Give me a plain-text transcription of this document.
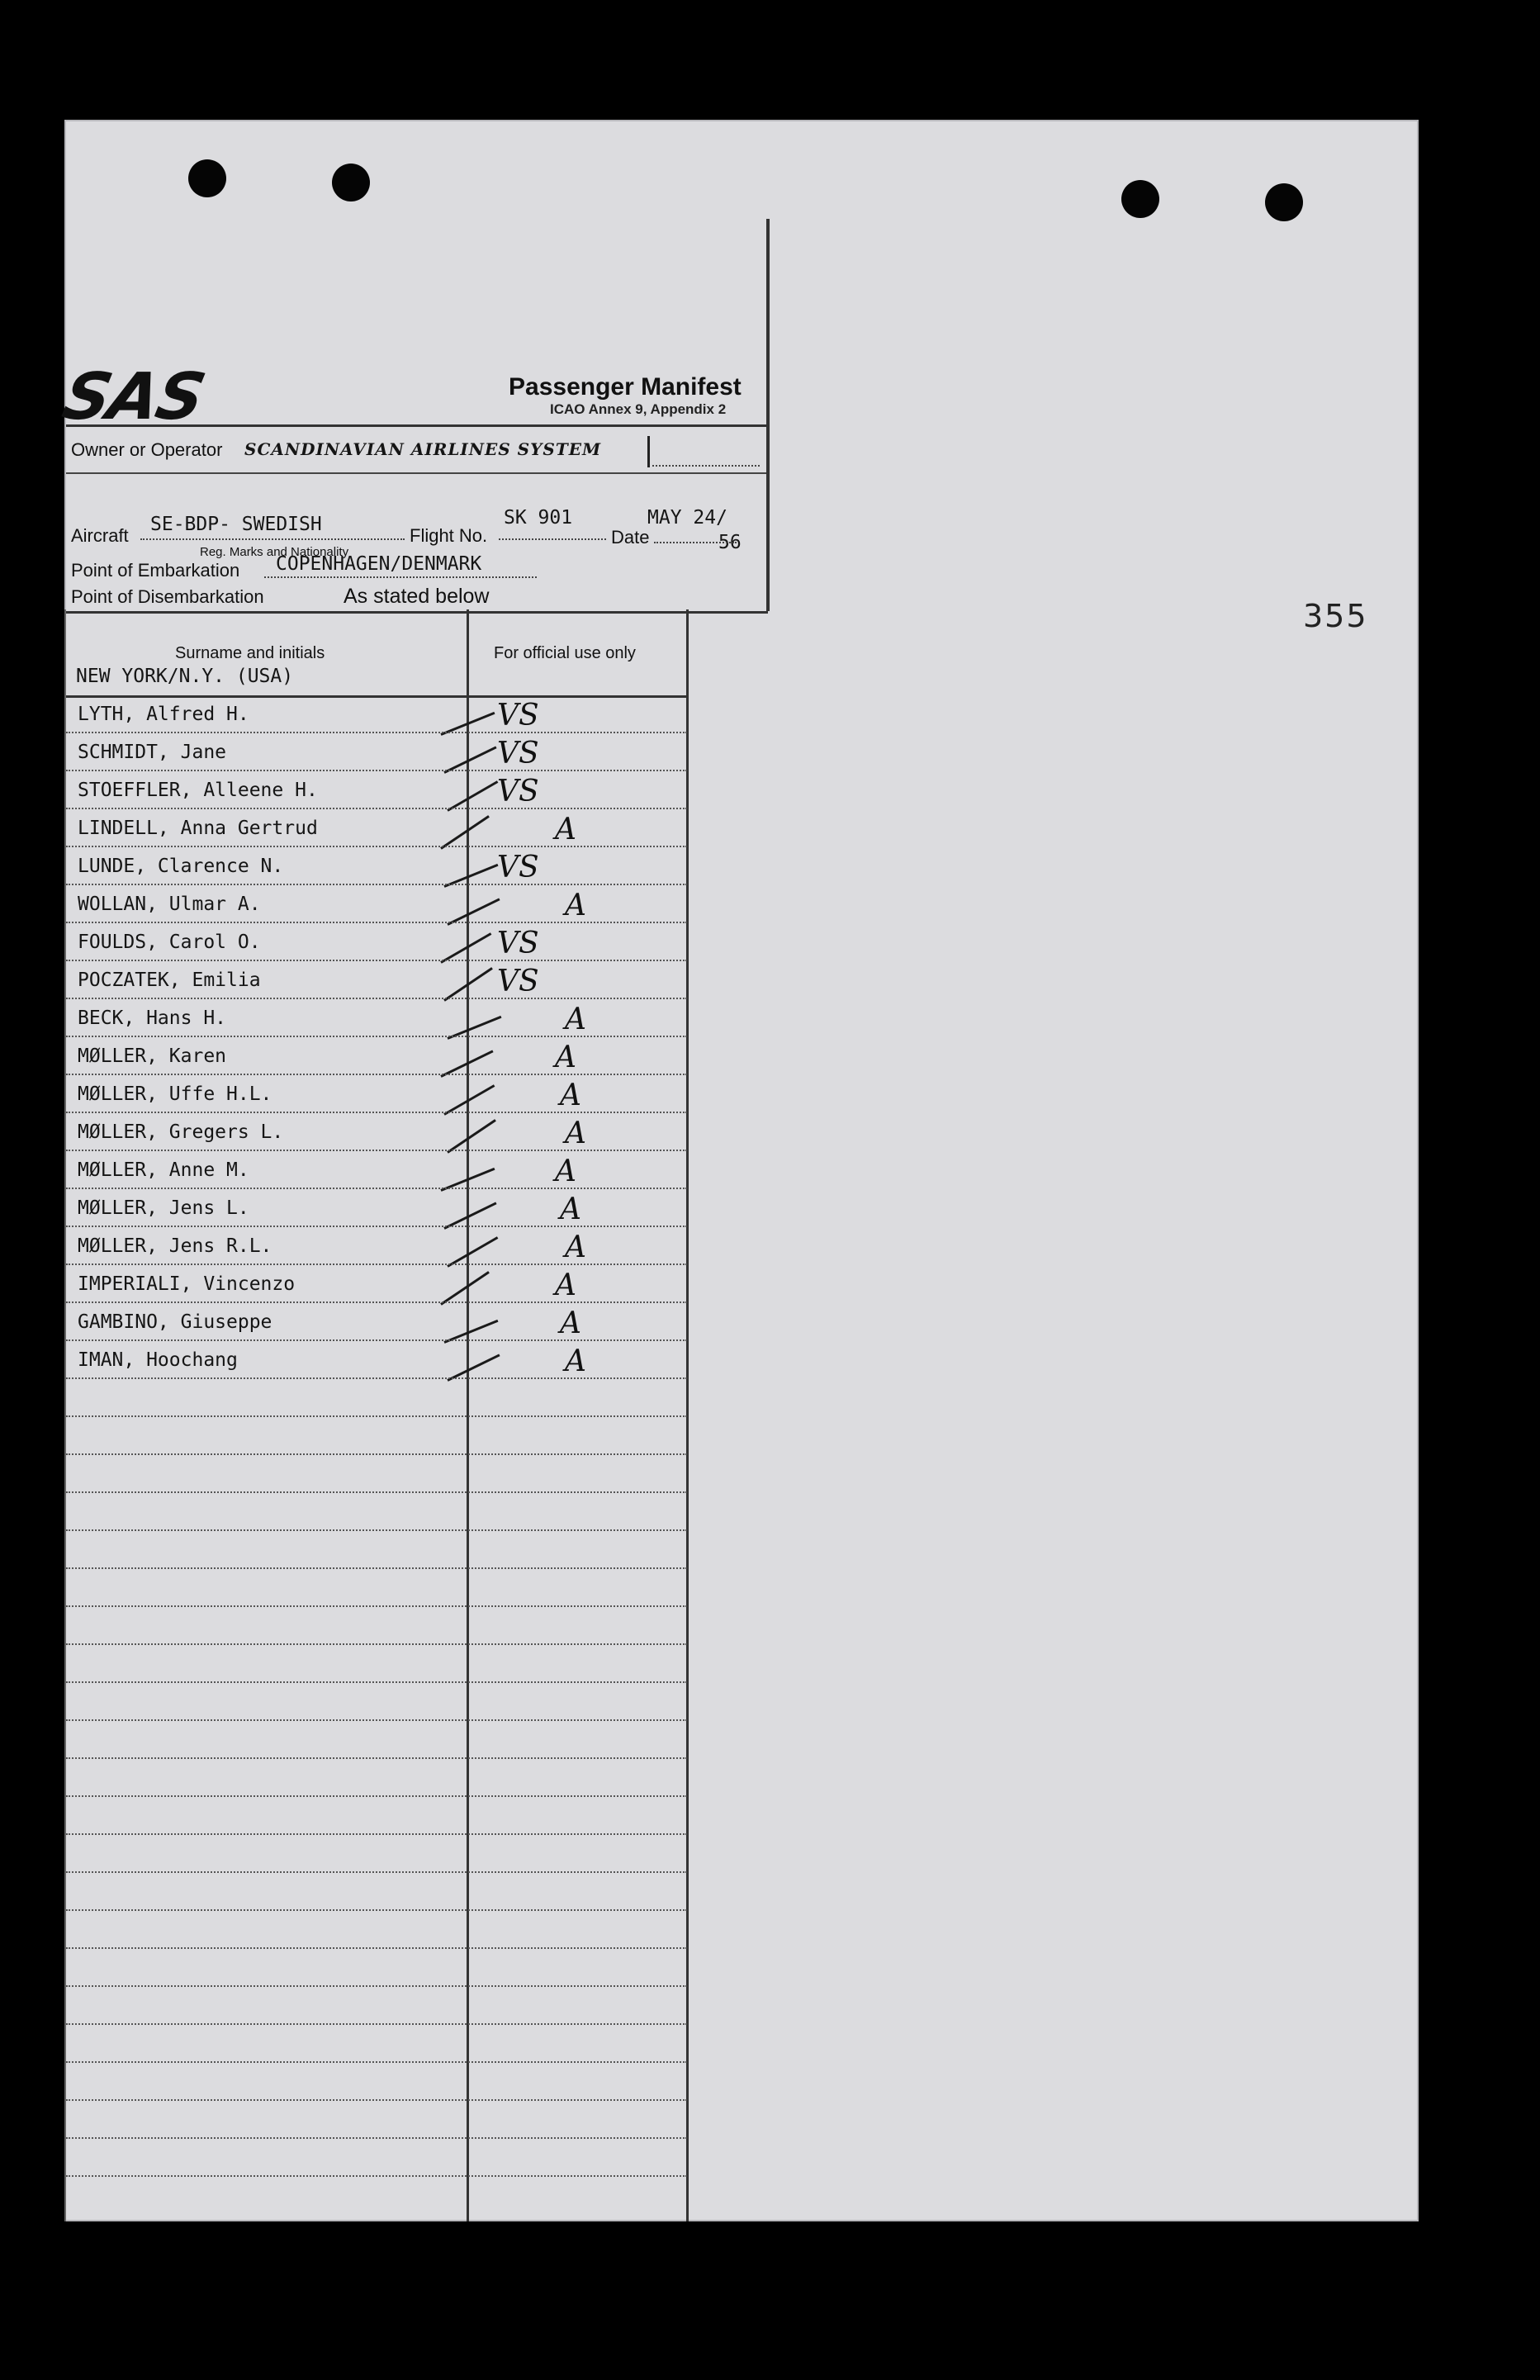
SAS	Passenger Manifest
ICAO Annex 9, Appendix 2
Owner or Operator SCANDINAVIAN AIRLINES SYSTEM
Aircraft
SE-BDP- SWEDISH
Reg. Marks and Nationality
Flight No.
SK 901
Date
MAY 24/
56
Point of Embarkation COPENHAGEN/DENMARK
Point of Disembarkation	As stated below
Surname and initials	For official use only
NEW YORK/N.Y. (USA)
LYTH, Alfred H.	VS
SCHMIDT, Jane	VS
STOEFFLER, Alleene H.	VS
LINDELL, Anna Gertrud	A
LUNDE, Clarence N.	VS
WOLLAN, Ulmar A.	A
FOULDS, Carol O.	VS
POCZATEK, Emilia	VS
BECK, Hans H.	A
MØLLER, Karen	A
MØLLER, Uffe H.L.	A
MØLLER, Gregers L.	A
MØLLER, Anne M.	A
MØLLER, Jens L.	A
MØLLER, Jens R.L.	A
IMPERIALI, Vincenzo	A
GAMBINO, Giuseppe	A
IMAN, Hoochang	A
355
